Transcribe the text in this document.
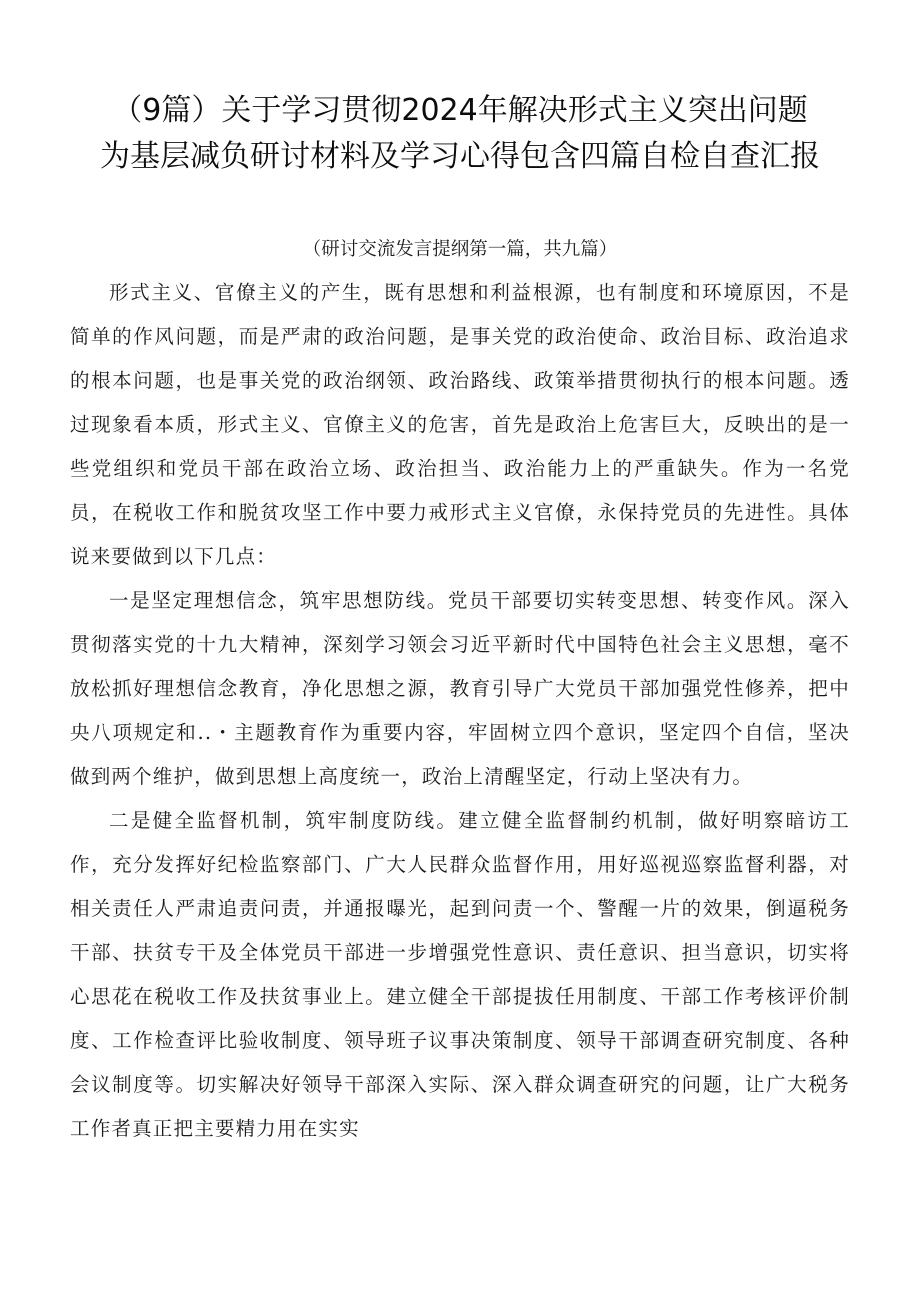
（9篇）关于学习贯彻2024年解决形式主义突出问题
为基层减负研讨材料及学习心得包含四篇自检自查汇报

（研讨交流发言提纲第一篇，共九篇）

形式主义、官僚主义的产生，既有思想和利益根源，也有制度和环境原因，不是简单的作风问题，而是严肃的政治问题，是事关党的政治使命、政治目标、政治追求的根本问题，也是事关党的政治纲领、政治路线、政策举措贯彻执行的根本问题。透过现象看本质，形式主义、官僚主义的危害，首先是政治上危害巨大，反映出的是一些党组织和党员干部在政治立场、政治担当、政治能力上的严重缺失。作为一名党员，在税收工作和脱贫攻坚工作中要力戒形式主义官僚，永保持党员的先进性。具体说来要做到以下几点：

一是坚定理想信念，筑牢思想防线。党员干部要切实转变思想、转变作风。深入贯彻落实党的十九大精神，深刻学习领会习近平新时代中国特色社会主义思想，毫不放松抓好理想信念教育，净化思想之源，教育引导广大党员干部加强党性修养，把中央八项规定和..・主题教育作为重要内容，牢固树立四个意识，坚定四个自信，坚决做到两个维护，做到思想上高度统一，政治上清醒坚定，行动上坚决有力。

二是健全监督机制，筑牢制度防线。建立健全监督制约机制，做好明察暗访工作，充分发挥好纪检监察部门、广大人民群众监督作用，用好巡视巡察监督利器，对相关责任人严肃追责问责，并通报曝光，起到问责一个、警醒一片的效果，倒逼税务干部、扶贫专干及全体党员干部进一步增强党性意识、责任意识、担当意识，切实将心思花在税收工作及扶贫事业上。建立健全干部提拔任用制度、干部工作考核评价制度、工作检查评比验收制度、领导班子议事决策制度、领导干部调查研究制度、各种会议制度等。切实解决好领导干部深入实际、深入群众调查研究的问题，让广大税务工作者真正把主要精力用在实实
